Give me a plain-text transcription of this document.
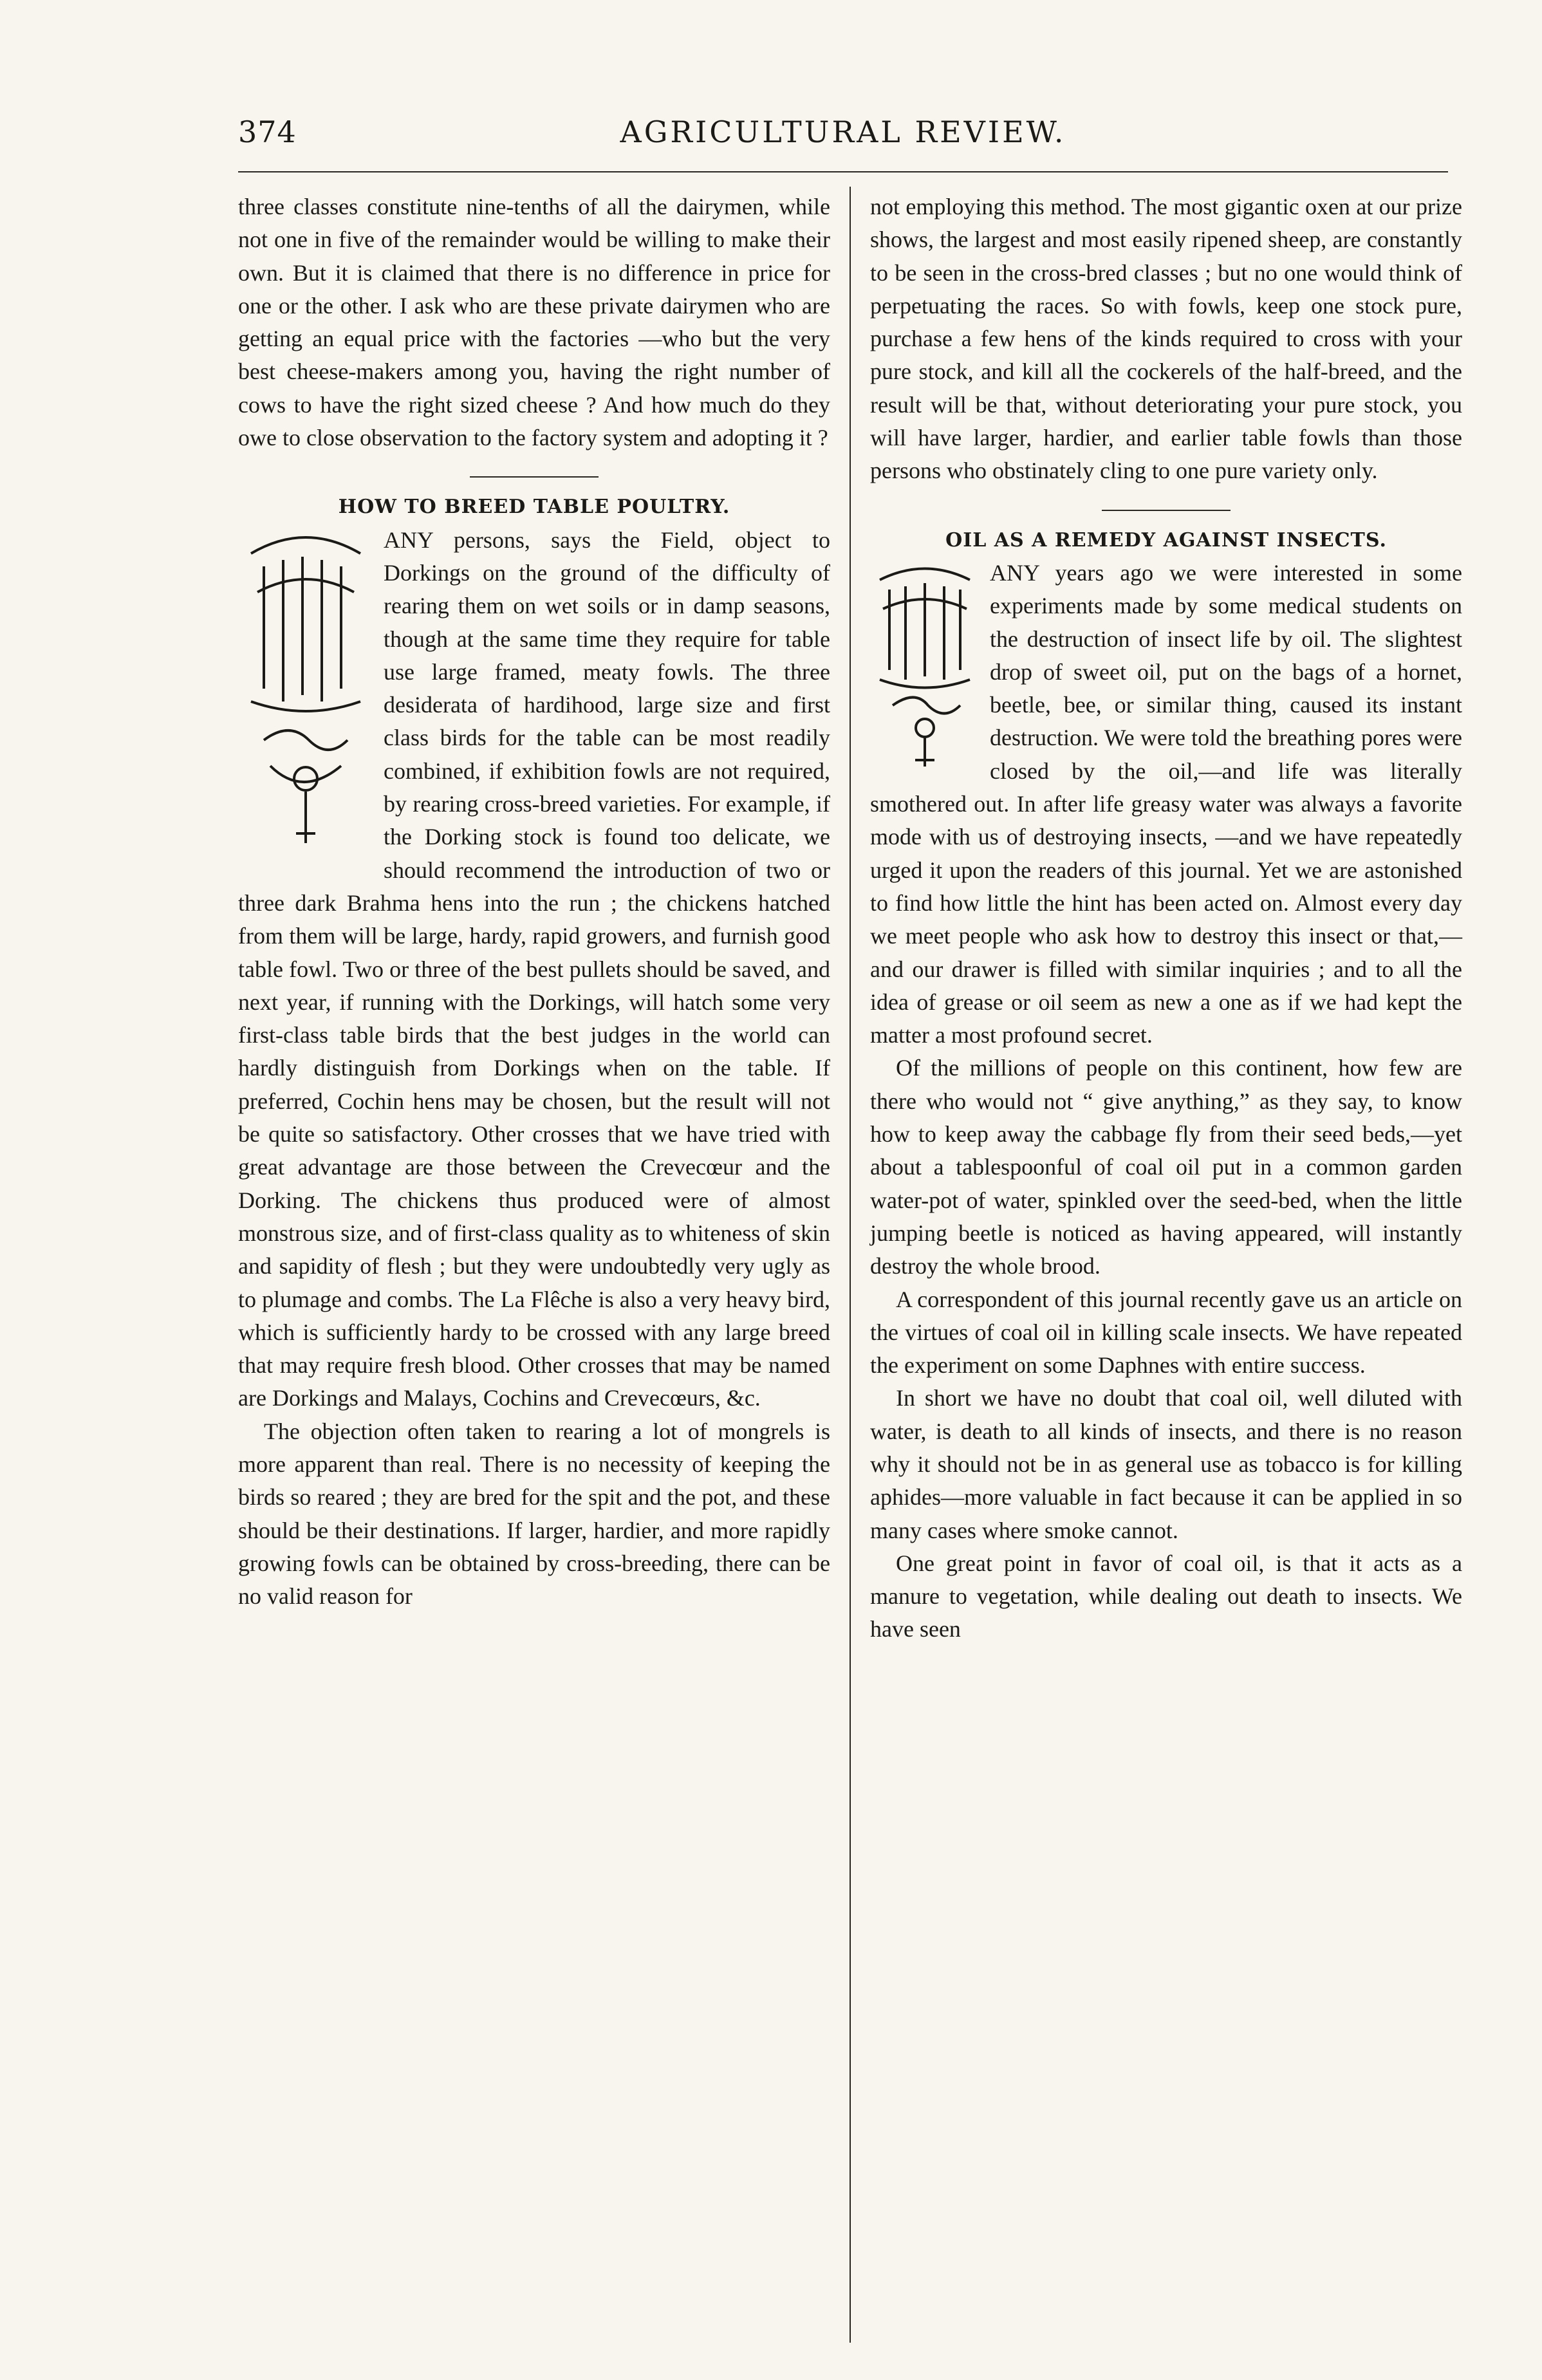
374	AGRICULTURAL REVIEW.

three classes constitute nine-tenths of all the dairymen, while not one in five of the remainder would be willing to make their own. But it is claimed that there is no difference in price for one or the other. I ask who are these private dairymen who are getting an equal price with the factories —who but the very best cheese-makers among you, having the right number of cows to have the right sized cheese ? And how much do they owe to close observation to the factory system and adopting it ?

HOW TO BREED TABLE POULTRY.

ANY persons, says the Field, object to Dorkings on the ground of the difficulty of rearing them on wet soils or in damp seasons, though at the same time they require for table use large framed, meaty fowls. The three desiderata of hardihood, large size and first class birds for the table can be most readily combined, if exhibition fowls are not required, by rearing cross-breed varieties. For example, if the Dorking stock is found too delicate, we should recommend the introduction of two or three dark Brahma hens into the run ; the chickens hatched from them will be large, hardy, rapid growers, and furnish good table fowl. Two or three of the best pullets should be saved, and next year, if running with the Dorkings, will hatch some very first-class table birds that the best judges in the world can hardly distinguish from Dorkings when on the table. If preferred, Cochin hens may be chosen, but the result will not be quite so satisfactory. Other crosses that we have tried with great advantage are those between the Crevecœur and the Dorking. The chickens thus produced were of almost monstrous size, and of first-class quality as to whiteness of skin and sapidity of flesh ; but they were undoubtedly very ugly as to plumage and combs. The La Flêche is also a very heavy bird, which is sufficiently hardy to be crossed with any large breed that may require fresh blood. Other crosses that may be named are Dorkings and Malays, Cochins and Crevecœurs, &c.

The objection often taken to rearing a lot of mongrels is more apparent than real. There is no necessity of keeping the birds so reared ; they are bred for the spit and the pot, and these should be their destinations. If larger, hardier, and more rapidly growing fowls can be obtained by cross-breeding, there can be no valid reason for

not employing this method. The most gigantic oxen at our prize shows, the largest and most easily ripened sheep, are constantly to be seen in the cross-bred classes ; but no one would think of perpetuating the races. So with fowls, keep one stock pure, purchase a few hens of the kinds required to cross with your pure stock, and kill all the cockerels of the half-breed, and the result will be that, without deteriorating your pure stock, you will have larger, hardier, and earlier table fowls than those persons who obstinately cling to one pure variety only.

OIL AS A REMEDY AGAINST INSECTS.

ANY years ago we were interested in some experiments made by some medical students on the destruction of insect life by oil. The slightest drop of sweet oil, put on the bags of a hornet, beetle, bee, or similar thing, caused its instant destruction. We were told the breathing pores were closed by the oil,—and life was literally smothered out. In after life greasy water was always a favorite mode with us of destroying insects, —and we have repeatedly urged it upon the readers of this journal. Yet we are astonished to find how little the hint has been acted on. Almost every day we meet people who ask how to destroy this insect or that,—and our drawer is filled with similar inquiries ; and to all the idea of grease or oil seem as new a one as if we had kept the matter a most profound secret.

Of the millions of people on this continent, how few are there who would not “ give anything,” as they say, to know how to keep away the cabbage fly from their seed beds,—yet about a tablespoonful of coal oil put in a common garden water-pot of water, spinkled over the seed-bed, when the little jumping beetle is noticed as having appeared, will instantly destroy the whole brood.

A correspondent of this journal recently gave us an article on the virtues of coal oil in killing scale insects. We have repeated the experiment on some Daphnes with entire success.

In short we have no doubt that coal oil, well diluted with water, is death to all kinds of insects, and there is no reason why it should not be in as general use as tobacco is for killing aphides—more valuable in fact because it can be applied in so many cases where smoke cannot.

One great point in favor of coal oil, is that it acts as a manure to vegetation, while dealing out death to insects. We have seen
